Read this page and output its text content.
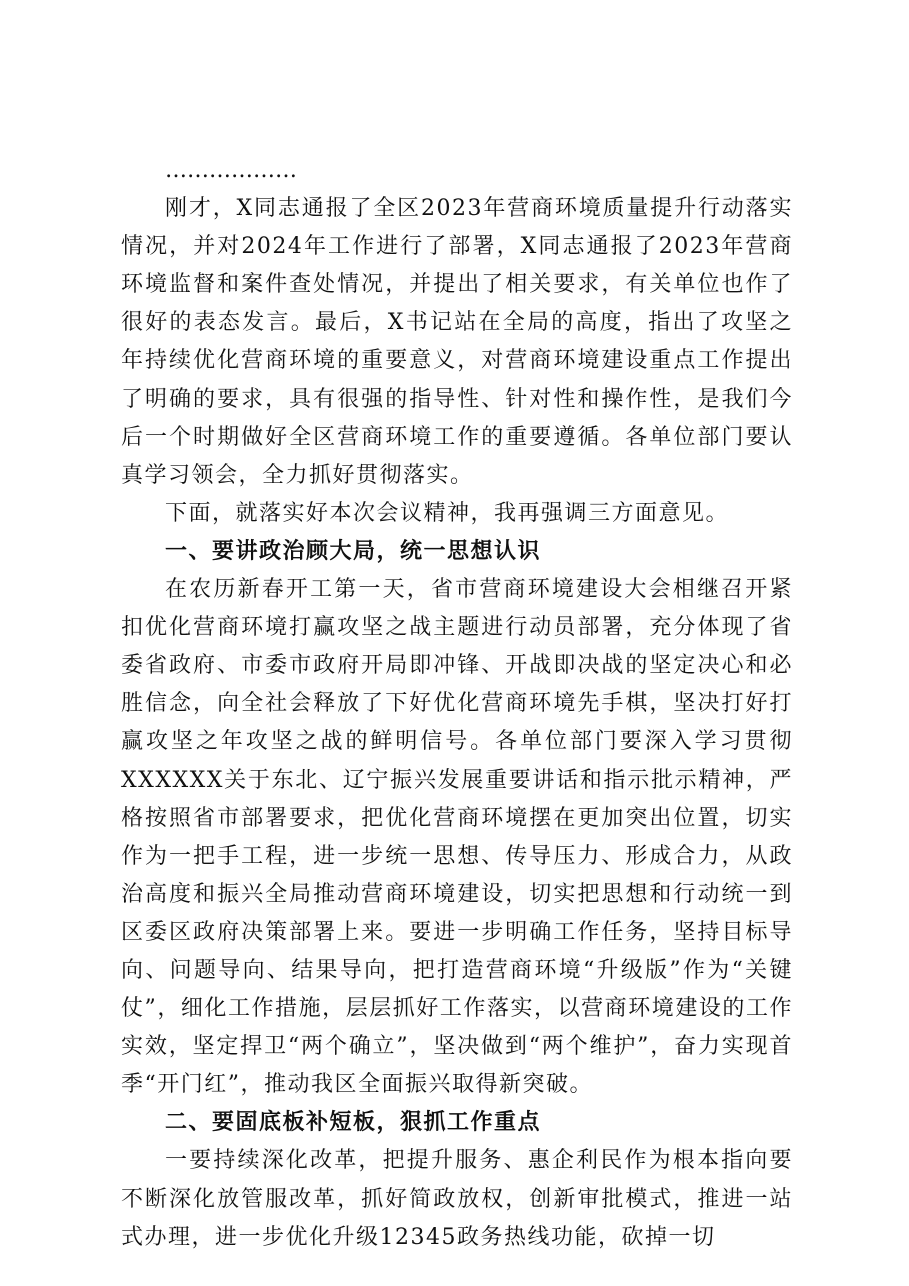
………………

刚才，X同志通报了全区2023年营商环境质量提升行动落实情况，并对2024年工作进行了部署，X同志通报了2023年营商环境监督和案件查处情况，并提出了相关要求，有关单位也作了很好的表态发言。最后，X书记站在全局的高度，指出了攻坚之年持续优化营商环境的重要意义，对营商环境建设重点工作提出了明确的要求，具有很强的指导性、针对性和操作性，是我们今后一个时期做好全区营商环境工作的重要遵循。各单位部门要认真学习领会，全力抓好贯彻落实。

下面，就落实好本次会议精神，我再强调三方面意见。

一、要讲政治顾大局，统一思想认识

在农历新春开工第一天，省市营商环境建设大会相继召开紧扣优化营商环境打赢攻坚之战主题进行动员部署，充分体现了省委省政府、市委市政府开局即冲锋、开战即决战的坚定决心和必胜信念，向全社会释放了下好优化营商环境先手棋，坚决打好打赢攻坚之年攻坚之战的鲜明信号。各单位部门要深入学习贯彻XXXXXX关于东北、辽宁振兴发展重要讲话和指示批示精神，严格按照省市部署要求，把优化营商环境摆在更加突出位置，切实作为一把手工程，进一步统一思想、传导压力、形成合力，从政治高度和振兴全局推动营商环境建设，切实把思想和行动统一到区委区政府决策部署上来。要进一步明确工作任务，坚持目标导向、问题导向、结果导向，把打造营商环境“升级版”作为“关键仗”，细化工作措施，层层抓好工作落实，以营商环境建设的工作实效，坚定捍卫“两个确立”，坚决做到“两个维护”，奋力实现首季“开门红”，推动我区全面振兴取得新突破。

二、要固底板补短板，狠抓工作重点

一要持续深化改革，把提升服务、惠企利民作为根本指向要不断深化放管服改革，抓好简政放权，创新审批模式，推进一站式办理，进一步优化升级12345政务热线功能，砍掉一切
